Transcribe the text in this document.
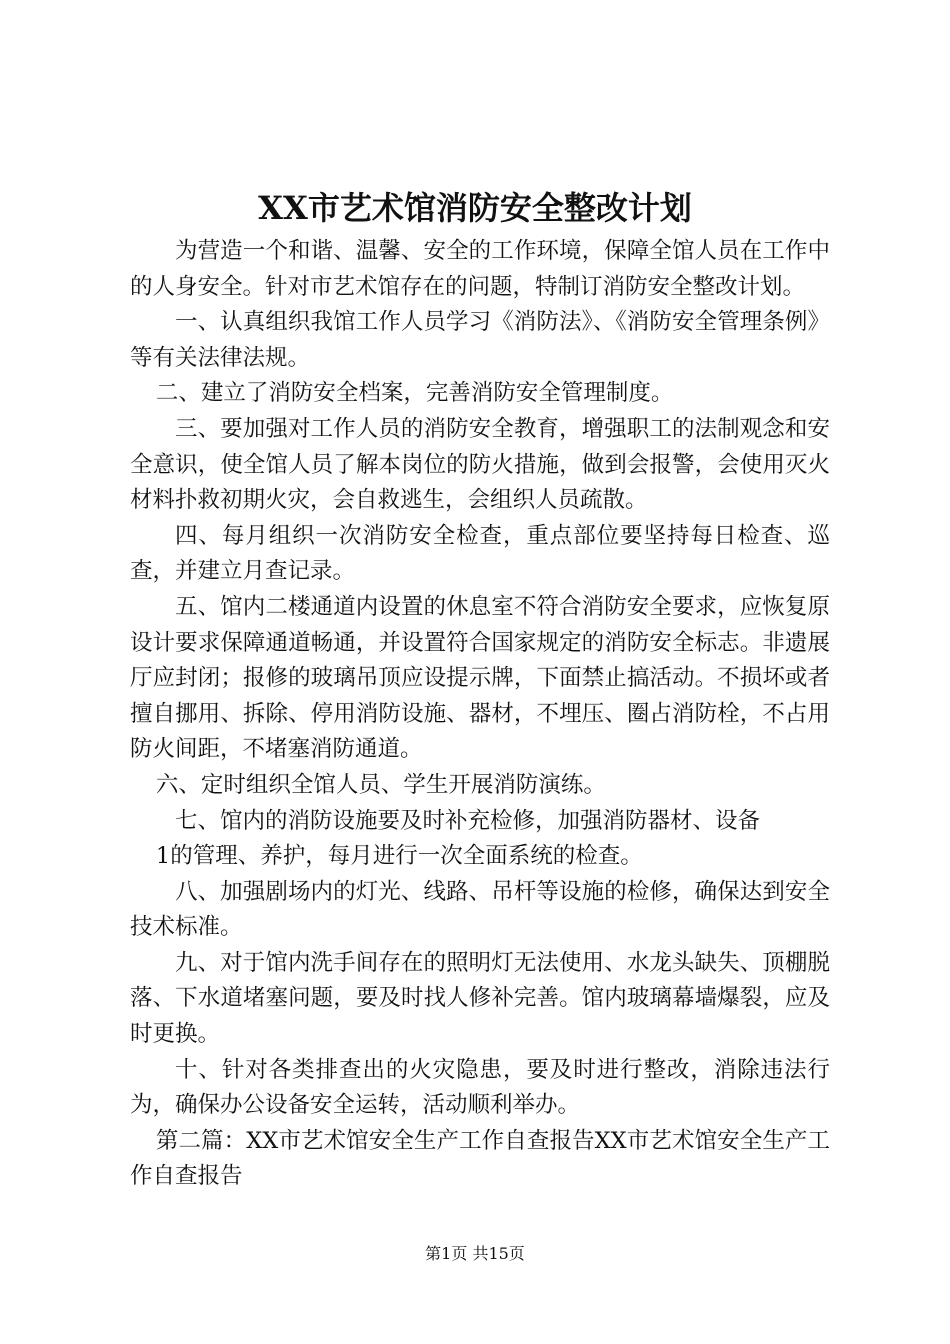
XX市艺术馆消防安全整改计划

为营造一个和谐、温馨、安全的工作环境，保障全馆人员在工作中的人身安全。针对市艺术馆存在的问题，特制订消防安全整改计划。

一、认真组织我馆工作人员学习《消防法》、《消防安全管理条例》等有关法律法规。

二、建立了消防安全档案，完善消防安全管理制度。

三、要加强对工作人员的消防安全教育，增强职工的法制观念和安全意识，使全馆人员了解本岗位的防火措施，做到会报警，会使用灭火材料扑救初期火灾，会自救逃生，会组织人员疏散。

四、每月组织一次消防安全检查，重点部位要坚持每日检查、巡查，并建立月查记录。

五、馆内二楼通道内设置的休息室不符合消防安全要求，应恢复原设计要求保障通道畅通，并设置符合国家规定的消防安全标志。非遗展厅应封闭；报修的玻璃吊顶应设提示牌，下面禁止搞活动。不损坏或者擅自挪用、拆除、停用消防设施、器材，不埋压、圈占消防栓，不占用防火间距，不堵塞消防通道。

六、定时组织全馆人员、学生开展消防演练。

七、馆内的消防设施要及时补充检修，加强消防器材、设备

1的管理、养护，每月进行一次全面系统的检查。

八、加强剧场内的灯光、线路、吊杆等设施的检修，确保达到安全技术标准。

九、对于馆内洗手间存在的照明灯无法使用、水龙头缺失、顶棚脱落、下水道堵塞问题，要及时找人修补完善。馆内玻璃幕墙爆裂，应及时更换。

十、针对各类排查出的火灾隐患，要及时进行整改，消除违法行为，确保办公设备安全运转，活动顺利举办。

第二篇：XX市艺术馆安全生产工作自查报告XX市艺术馆安全生产工作自查报告

第1页 共15页
